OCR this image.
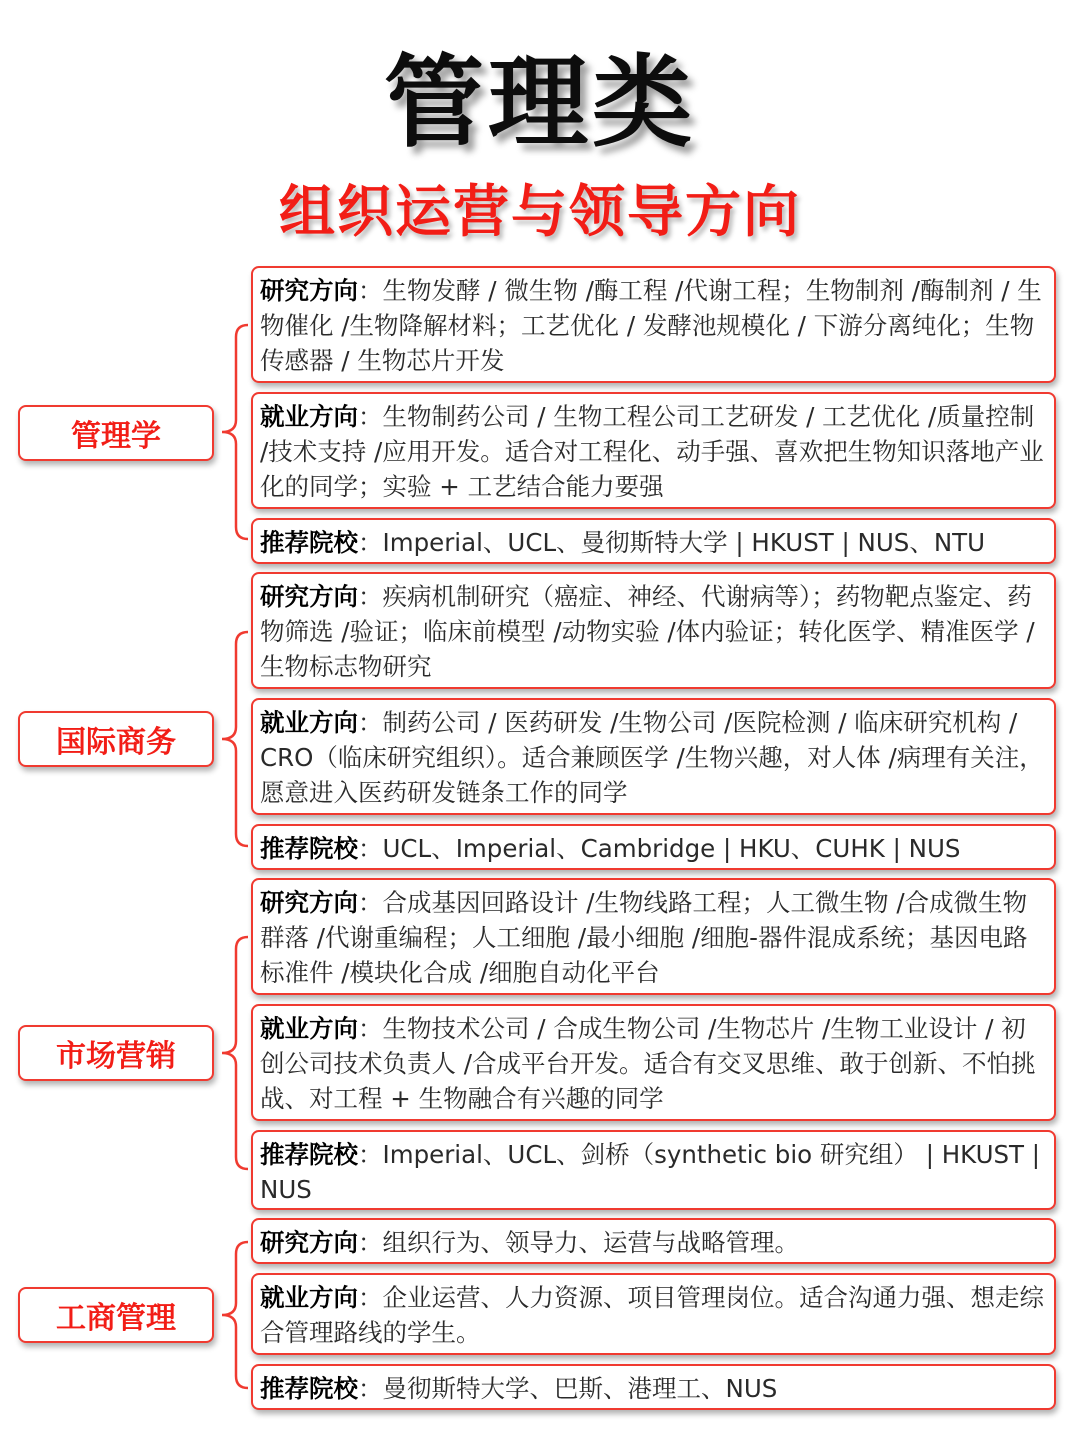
管理类
组织运营与领导方向
管理学
研究方向：生物发酵 / 微生物 /酶工程 /代谢工程；生物制剂 /酶制剂 / 生物催化 /生物降解材料；工艺优化 / 发酵池规模化 / 下游分离纯化；生物传感器 / 生物芯片开发
就业方向：生物制药公司 / 生物工程公司工艺研发 / 工艺优化 /质量控制 /技术支持 /应用开发。适合对工程化、动手强、喜欢把生物知识落地产业化的同学；实验 + 工艺结合能力要强
推荐院校：Imperial、UCL、曼彻斯特大学 | HKUST | NUS、NTU
国际商务
研究方向：疾病机制研究（癌症、神经、代谢病等）；药物靶点鉴定、药物筛选 /验证；临床前模型 /动物实验 /体内验证；转化医学、精准医学 /生物标志物研究
就业方向：制药公司 / 医药研发 /生物公司 /医院检测 / 临床研究机构 / CRO（临床研究组织）。适合兼顾医学 /生物兴趣，对人体 /病理有关注，愿意进入医药研发链条工作的同学
推荐院校：UCL、Imperial、Cambridge | HKU、CUHK | NUS
市场营销
研究方向：合成基因回路设计 /生物线路工程；人工微生物 /合成微生物群落 /代谢重编程；人工细胞 /最小细胞 /细胞-器件混成系统；基因电路标准件 /模块化合成 /细胞自动化平台
就业方向：生物技术公司 / 合成生物公司 /生物芯片 /生物工业设计 / 初创公司技术负责人 /合成平台开发。适合有交叉思维、敢于创新、不怕挑战、对工程 + 生物融合有兴趣的同学
推荐院校：Imperial、UCL、剑桥（synthetic bio 研究组） | HKUST | NUS
工商管理
研究方向：组织行为、领导力、运营与战略管理。
就业方向：企业运营、人力资源、项目管理岗位。适合沟通力强、想走综合管理路线的学生。
推荐院校：曼彻斯特大学、巴斯、港理工、NUS
